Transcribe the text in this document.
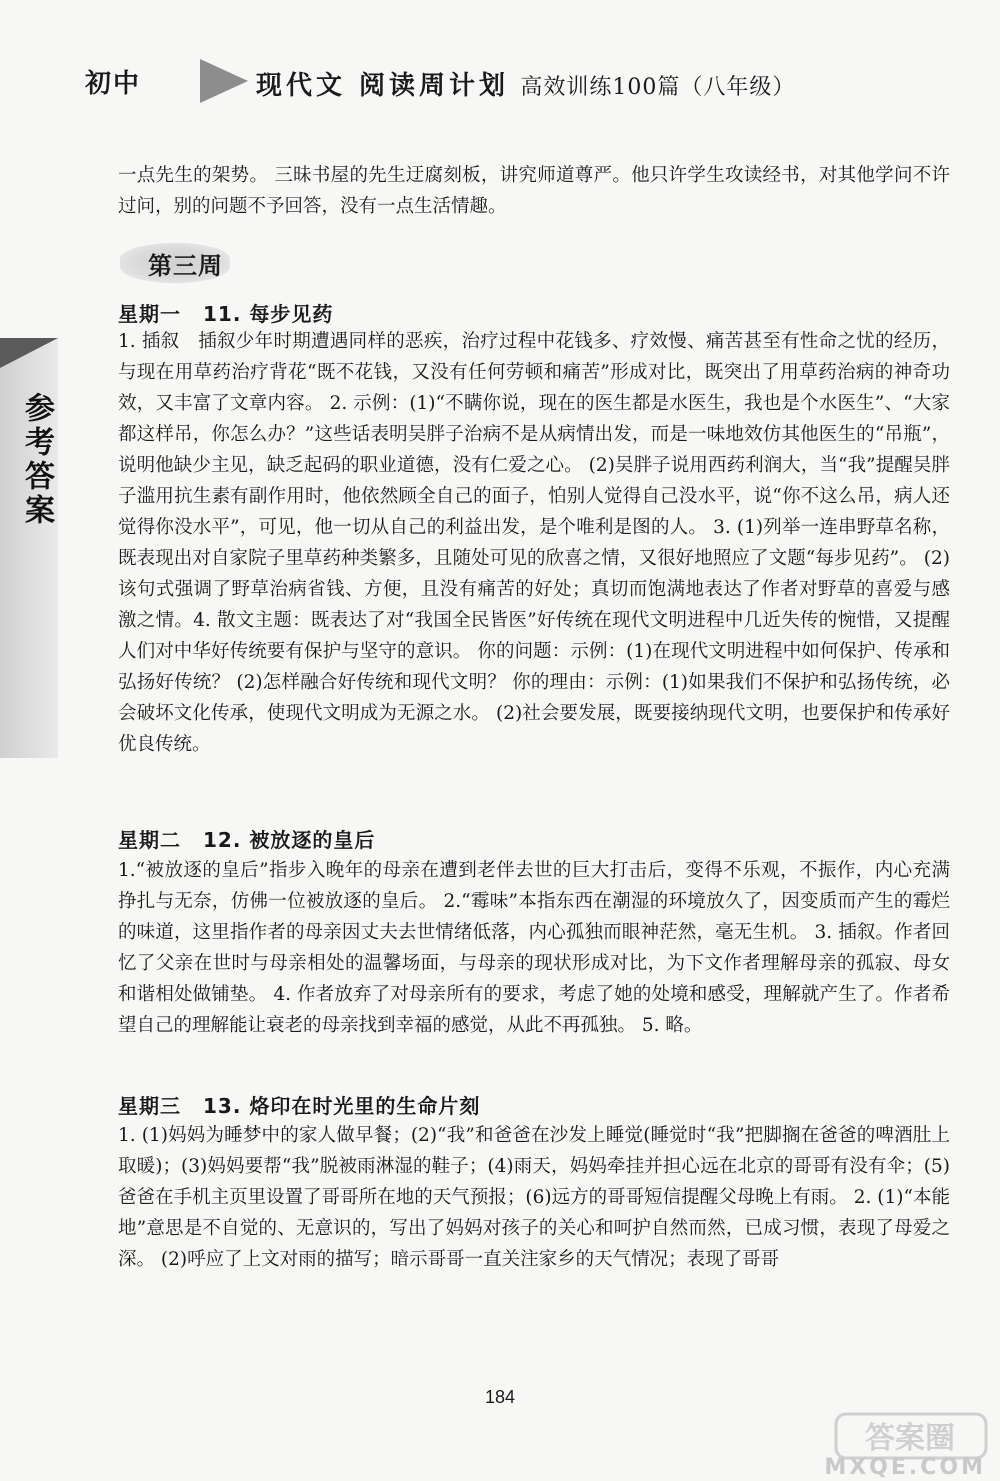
初中	现代文 阅读周计划 高效训练100篇（八年级）
参考答案

一点先生的架势。 三昧书屋的先生迂腐刻板，讲究师道尊严。他只许学生攻读经书，对其他学问不许过问，别的问题不予回答，没有一点生活情趣。

第三周
星期一 11. 每步见药

1. 插叙　插叙少年时期遭遇同样的恶疾，治疗过程中花钱多、疗效慢、痛苦甚至有性命之忧的经历，与现在用草药治疗背花“既不花钱，又没有任何劳顿和痛苦”形成对比，既突出了用草药治病的神奇功效，又丰富了文章内容。 2. 示例：(1)“不瞒你说，现在的医生都是水医生，我也是个水医生”、“大家都这样吊，你怎么办？”这些话表明吴胖子治病不是从病情出发，而是一味地效仿其他医生的“吊瓶”，说明他缺少主见，缺乏起码的职业道德，没有仁爱之心。 (2)吴胖子说用西药利润大，当“我”提醒吴胖子滥用抗生素有副作用时，他依然顾全自己的面子，怕别人觉得自己没水平，说“你不这么吊，病人还觉得你没水平”，可见，他一切从自己的利益出发，是个唯利是图的人。 3. (1)列举一连串野草名称，既表现出对自家院子里草药种类繁多，且随处可见的欣喜之情，又很好地照应了文题“每步见药”。 (2)该句式强调了野草治病省钱、方便，且没有痛苦的好处；真切而饱满地表达了作者对野草的喜爱与感激之情。4. 散文主题：既表达了对“我国全民皆医”好传统在现代文明进程中几近失传的惋惜，又提醒人们对中华好传统要有保护与坚守的意识。 你的问题：示例：(1)在现代文明进程中如何保护、传承和弘扬好传统？ (2)怎样融合好传统和现代文明？ 你的理由：示例：(1)如果我们不保护和弘扬传统，必会破坏文化传承，使现代文明成为无源之水。 (2)社会要发展，既要接纳现代文明，也要保护和传承好优良传统。

星期二 12. 被放逐的皇后

1.“被放逐的皇后”指步入晚年的母亲在遭到老伴去世的巨大打击后，变得不乐观，不振作，内心充满挣扎与无奈，仿佛一位被放逐的皇后。 2.“霉味”本指东西在潮湿的环境放久了，因变质而产生的霉烂的味道，这里指作者的母亲因丈夫去世情绪低落，内心孤独而眼神茫然，毫无生机。 3. 插叙。作者回忆了父亲在世时与母亲相处的温馨场面，与母亲的现状形成对比，为下文作者理解母亲的孤寂、母女和谐相处做铺垫。 4. 作者放弃了对母亲所有的要求，考虑了她的处境和感受，理解就产生了。作者希望自己的理解能让衰老的母亲找到幸福的感觉，从此不再孤独。 5. 略。

星期三 13. 烙印在时光里的生命片刻

1. (1)妈妈为睡梦中的家人做早餐；(2)“我”和爸爸在沙发上睡觉(睡觉时“我”把脚搁在爸爸的啤酒肚上取暖)；(3)妈妈要帮“我”脱被雨淋湿的鞋子；(4)雨天，妈妈牵挂并担心远在北京的哥哥有没有伞；(5)爸爸在手机主页里设置了哥哥所在地的天气预报；(6)远方的哥哥短信提醒父母晚上有雨。 2. (1)“本能地”意思是不自觉的、无意识的，写出了妈妈对孩子的关心和呵护自然而然，已成习惯，表现了母爱之深。 (2)呼应了上文对雨的描写；暗示哥哥一直关注家乡的天气情况；表现了哥哥

184
答案圈
MXQE.COM
